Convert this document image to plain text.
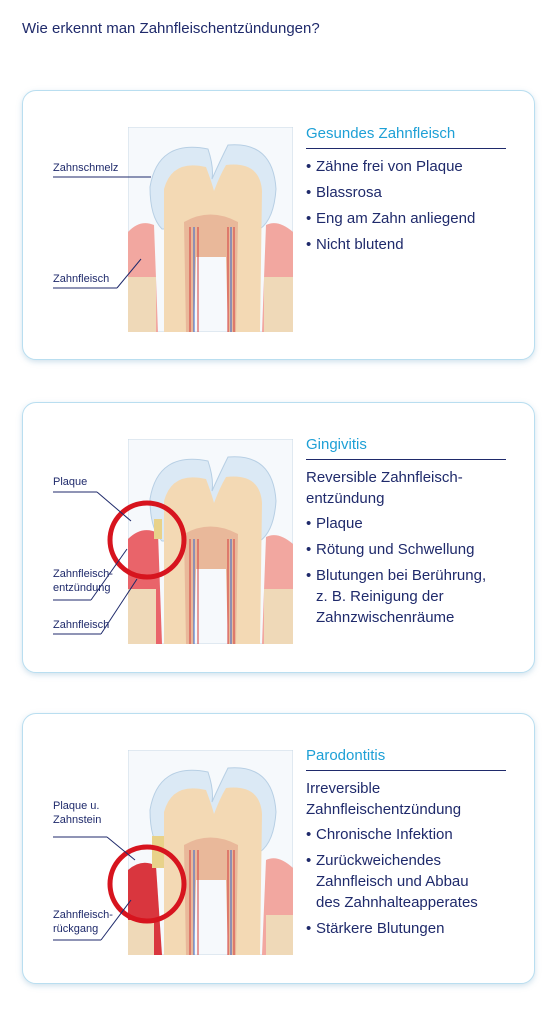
Wie erkennt man Zahnfleischentzündungen?
Zahnschmelz
Zahnfleisch
Gesundes Zahnfleisch
• Zähne frei von Plaque
• Blassrosa
• Eng am Zahn anliegend
• Nicht blutend
Plaque
Zahnfleisch-
entzündung
Zahnfleisch
Gingivitis
Reversible Zahnfleisch-
entzündung
• Plaque
• Rötung und Schwellung
• Blutungen bei Berührung,
z. B. Reinigung der
Zahnzwischenräume
Plaque u.
Zahnstein
Zahnfleisch-
rückgang
Parodontitis
Irreversible
Zahnfleischentzündung
• Chronische Infektion
• Zurückweichendes
Zahnfleisch und Abbau
des Zahnhalteapperates
• Stärkere Blutungen
